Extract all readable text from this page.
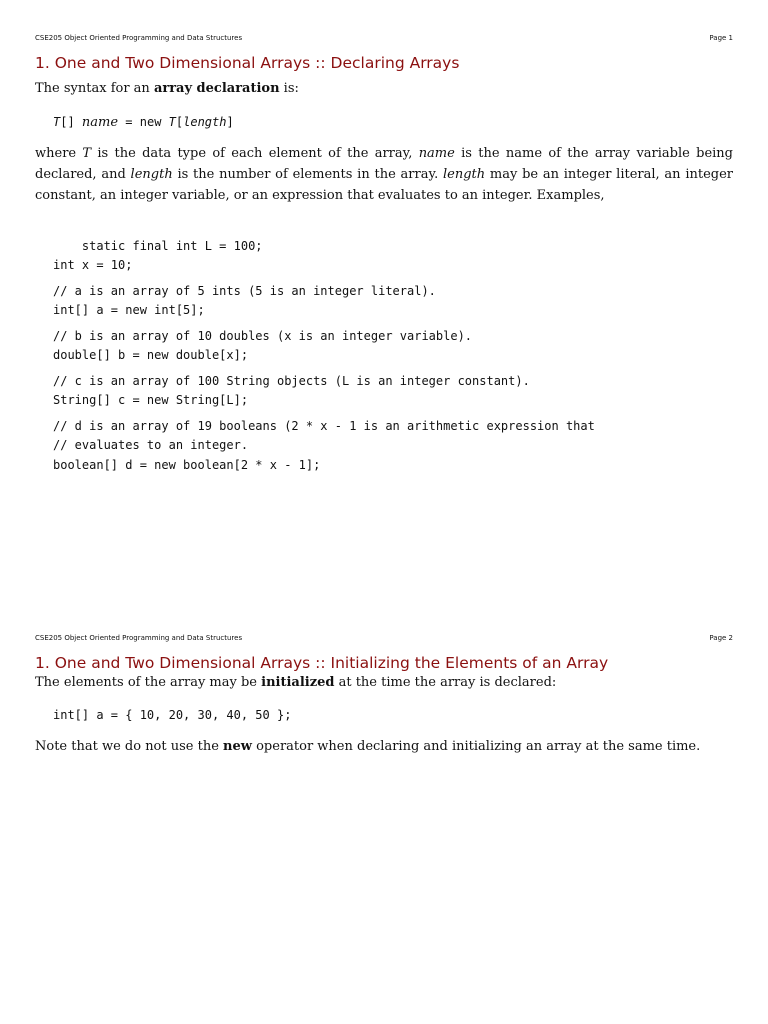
CSE205 Object Oriented Programming and Data Structures	Page 1
1. One and Two Dimensional Arrays :: Declaring Arrays

The syntax for an array declaration is:

T[] name = new T[length]

where T is the data type of each element of the array, name is the name of the array variable being declared, and length is the number of elements in the array. length may be an integer literal, an integer constant, an integer variable, or an expression that evaluates to an integer. Examples,

static final int L = 100;
int x = 10;
// a is an array of 5 ints (5 is an integer literal).
int[] a = new int[5];
// b is an array of 10 doubles (x is an integer variable).
double[] b = new double[x];
// c is an array of 100 String objects (L is an integer constant).
String[] c = new String[L];
// d is an array of 19 booleans (2 * x - 1 is an arithmetic expression that
// evaluates to an integer.
boolean[] d = new boolean[2 * x - 1];

CSE205 Object Oriented Programming and Data Structures	Page 2
1. One and Two Dimensional Arrays :: Initializing the Elements of an Array

The elements of the array may be initialized at the time the array is declared:

int[] a = { 10, 20, 30, 40, 50 };

Note that we do not use the new operator when declaring and initializing an array at the same time.
